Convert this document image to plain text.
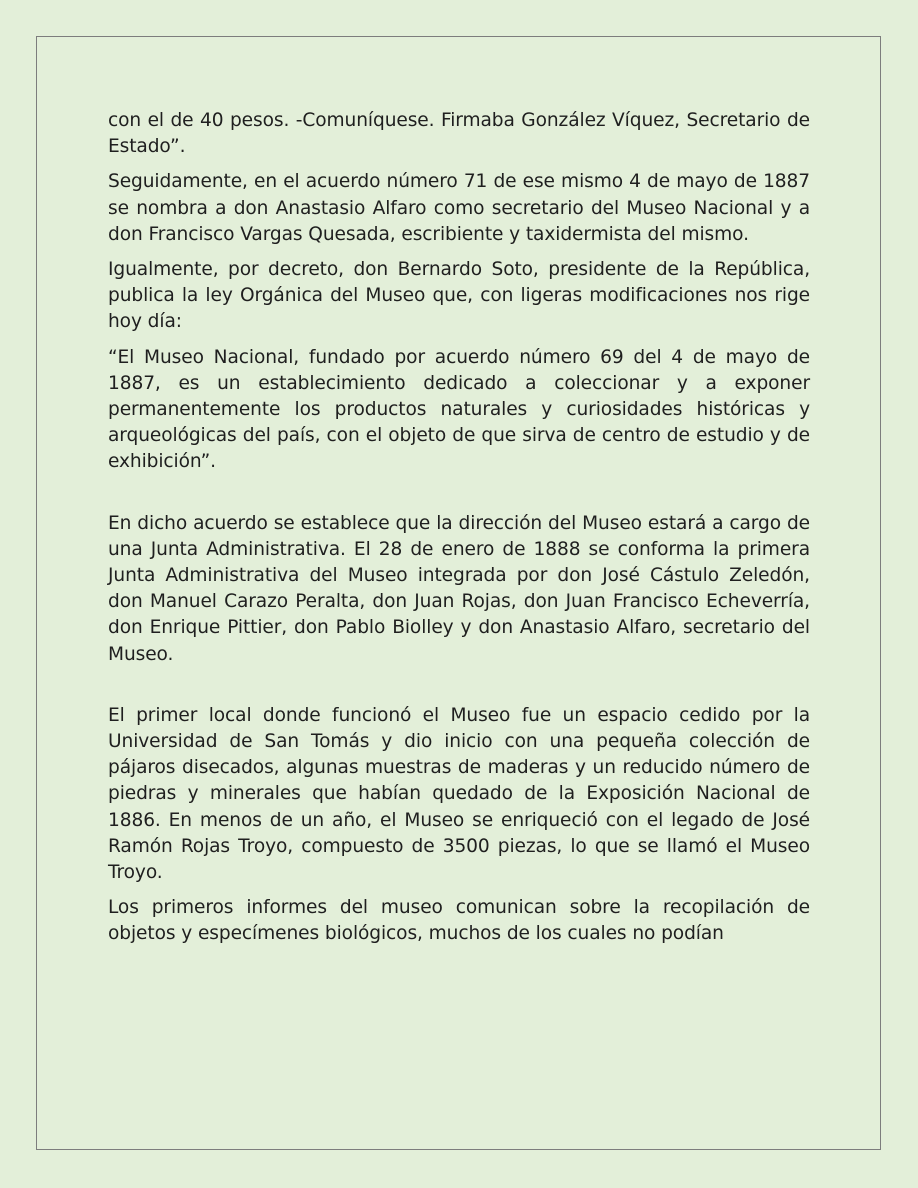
con el de 40 pesos. -Comuníquese. Firmaba González Víquez, Secretario de Estado”.

Seguidamente, en el acuerdo número 71 de ese mismo 4 de mayo de 1887 se nombra a don Anastasio Alfaro como secretario del Museo Nacional y a don Francisco Vargas Quesada, escribiente y taxidermista del mismo.

Igualmente, por decreto, don Bernardo Soto, presidente de la República, publica la ley Orgánica del Museo que, con ligeras modificaciones nos rige hoy día:

“El Museo Nacional, fundado por acuerdo número 69 del 4 de mayo de 1887, es un establecimiento dedicado a coleccionar y a exponer permanentemente los productos naturales y curiosidades históricas y arqueológicas del país, con el objeto de que sirva de centro de estudio y de exhibición”.

En dicho acuerdo se establece que la dirección del Museo estará a cargo de una Junta Administrativa. El 28 de enero de 1888 se conforma la primera Junta Administrativa del Museo integrada por don José Cástulo Zeledón, don Manuel Carazo Peralta, don Juan Rojas, don Juan Francisco Echeverría, don Enrique Pittier, don Pablo Biolley y don Anastasio Alfaro, secretario del Museo.

El primer local donde funcionó el Museo fue un espacio cedido por la Universidad de San Tomás y dio inicio con una pequeña colección de pájaros disecados, algunas muestras de maderas y un reducido número de piedras y minerales que habían quedado de la Exposición Nacional de 1886. En menos de un año, el Museo se enriqueció con el legado de José Ramón Rojas Troyo, compuesto de 3500 piezas, lo que se llamó el Museo Troyo.

Los primeros informes del museo comunican sobre la recopilación de objetos y especímenes biológicos, muchos de los cuales no podían
